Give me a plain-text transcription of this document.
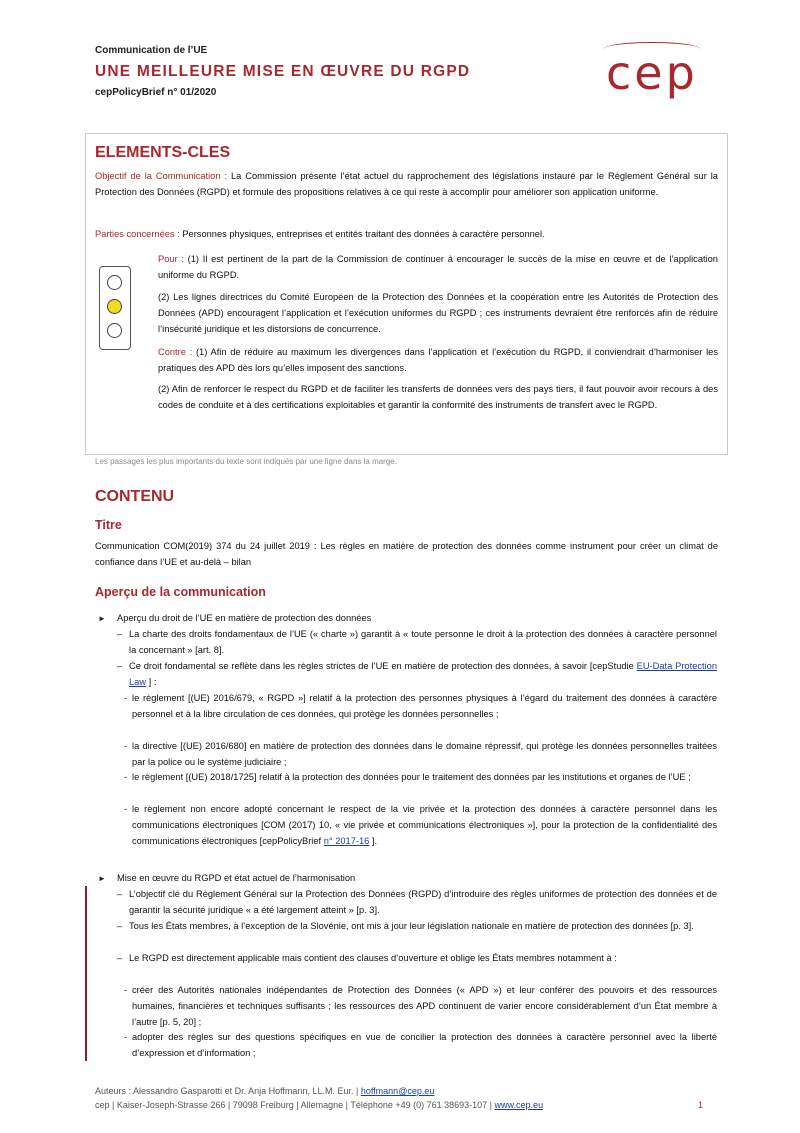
Communication de l’UE
UNE MEILLEURE MISE EN ŒUVRE DU RGPD
cepPolicyBrief n° 01/2020	cep
ELEMENTS-CLES
Objectif de la Communication : La Commission présente l’état actuel du rapprochement des législations instauré par le Règlement Général sur la Protection des Données (RGPD) et formule des propositions relatives à ce qui reste à accomplir pour améliorer son application uniforme.
Parties concernées : Personnes physiques, entreprises et entités traitant des données à caractère personnel.
Pour : (1) Il est pertinent de la part de la Commission de continuer à encourager le succès de la mise en œuvre et de l’application uniforme du RGPD.
(2) Les lignes directrices du Comité Européen de la Protection des Données et la coopération entre les Autorités de Protection des Données (APD) encouragent l’application et l’exécution uniformes du RGPD ; ces instruments devraient être renforcés afin de réduire l’insécurité juridique et les distorsions de concurrence.
Contre : (1) Afin de réduire au maximum les divergences dans l’application et l’exécution du RGPD, il conviendrait d’harmoniser les pratiques des APD dès lors qu’elles imposent des sanctions.
(2) Afin de renforcer le respect du RGPD et de faciliter les transferts de données vers des pays tiers, il faut pouvoir avoir recours à des codes de conduite et à des certifications exploitables et garantir la conformité des instruments de transfert avec le RGPD.
Les passages les plus importants du texte sont indiqués par une ligne dans la marge.
CONTENU
Titre
Communication COM(2019) 374 du 24 juillet 2019 : Les règles en matière de protection des données comme instrument pour créer un climat de confiance dans l’UE et au-delà – bilan
Aperçu de la communication
► Aperçu du droit de l’UE en matière de protection des données
– La charte des droits fondamentaux de l’UE (« charte ») garantit à « toute personne le droit à la protection des données à caractère personnel la concernant » [art. 8].
– Ce droit fondamental se reflète dans les règles strictes de l’UE en matière de protection des données, à savoir [cepStudie EU-Data Protection Law ] :
- le règlement [(UE) 2016/679, « RGPD »] relatif à la protection des personnes physiques à l’égard du traitement des données à caractère personnel et à la libre circulation de ces données, qui protège les données personnelles ;
- la directive [(UE) 2016/680] en matière de protection des données dans le domaine répressif, qui protège les données personnelles traitées par la police ou le système judiciaire ;
- le règlement [(UE) 2018/1725] relatif à la protection des données pour le traitement des données par les institutions et organes de l’UE ;
- le règlement non encore adopté concernant le respect de la vie privée et la protection des données à caractère personnel dans les communications électroniques [COM (2017) 10, « vie privée et communications électroniques »], pour la protection de la confidentialité des communications électroniques [cepPolicyBrief n° 2017-16 ].
► Mise en œuvre du RGPD et état actuel de l’harmonisation
– L’objectif clé du Règlement Général sur la Protection des Données (RGPD) d’introduire des règles uniformes de protection des données et de garantir la sécurité juridique « a été largement atteint » [p. 3].
– Tous les États membres, à l’exception de la Slovénie, ont mis à jour leur législation nationale en matière de protection des données [p. 3].
– Le RGPD est directement applicable mais contient des clauses d’ouverture et oblige les États membres notamment à :
- créer des Autorités nationales indépendantes de Protection des Données (« APD ») et leur conférer des pouvoirs et des ressources humaines, financières et techniques suffisants ; les ressources des APD continuent de varier encore considérablement d’un État membre à l’autre [p. 5, 20] ;
- adopter des règles sur des questions spécifiques en vue de concilier la protection des données à caractère personnel avec la liberté d’expression et d’information ;
Auteurs : Alessandro Gasparotti et Dr. Anja Hoffmann, LL.M. Eur. | hoffmann@cep.eu
cep | Kaiser-Joseph-Strasse 266 | 79098 Freiburg | Allemagne | Téléphone +49 (0) 761 38693-107 | www.cep.eu	1
